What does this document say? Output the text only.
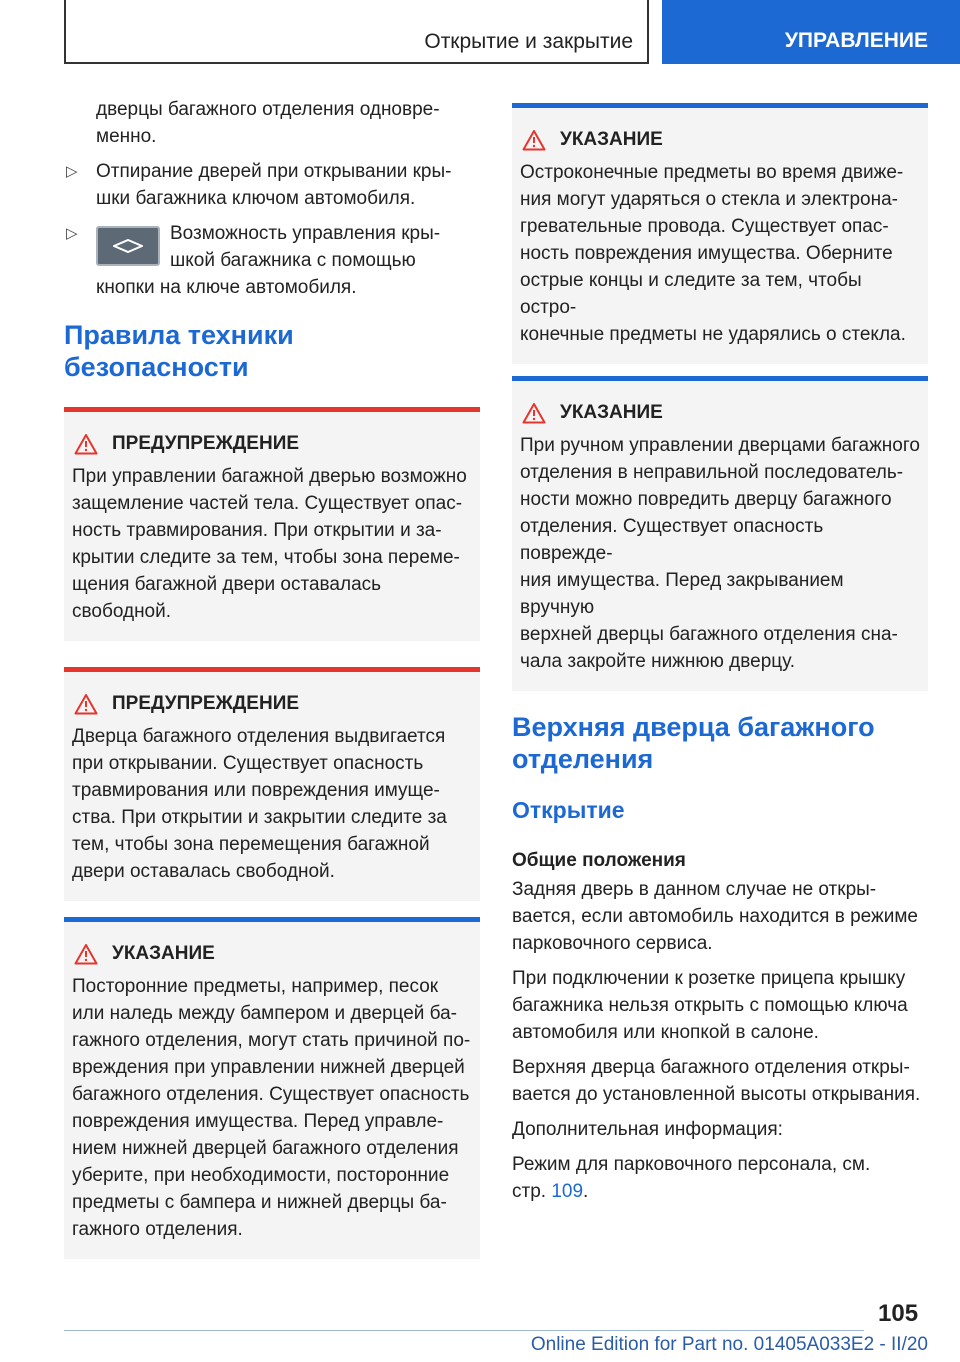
Открытие и закрытие	УПРАВЛЕНИЕ
дверцы багажного отделения одновре-
менно.
▷ Отпирание дверей при открывании кры-
шки багажника ключом автомобиля.
▷	Возможность управления кры-
шкой багажника с помощью
кнопки на ключе автомобиля.
Правила техники безопасности
ПРЕДУПРЕЖДЕНИЕ
При управлении багажной дверью возможно
защемление частей тела. Существует опас-
ность травмирования. При открытии и за-
крытии следите за тем, чтобы зона переме-
щения багажной двери оставалась
свободной.
ПРЕДУПРЕЖДЕНИЕ
Дверца багажного отделения выдвигается
при открывании. Существует опасность
травмирования или повреждения имуще-
ства. При открытии и закрытии следите за
тем, чтобы зона перемещения багажной
двери оставалась свободной.
УКАЗАНИЕ
Посторонние предметы, например, песок
или наледь между бампером и дверцей ба-
гажного отделения, могут стать причиной по-
вреждения при управлении нижней дверцей
багажного отделения. Существует опасность
повреждения имущества. Перед управле-
нием нижней дверцей багажного отделения
уберите, при необходимости, посторонние
предметы с бампера и нижней дверцы ба-
гажного отделения.
УКАЗАНИЕ
Остроконечные предметы во время движе-
ния могут ударяться о стекла и электрона-
гревательные провода. Существует опас-
ность повреждения имущества. Оберните
острые концы и следите за тем, чтобы остро-
конечные предметы не ударялись о стекла.
УКАЗАНИЕ
При ручном управлении дверцами багажного
отделения в неправильной последователь-
ности можно повредить дверцу багажного
отделения. Существует опасность поврежде-
ния имущества. Перед закрыванием вручную
верхней дверцы багажного отделения сна-
чала закройте нижнюю дверцу.
Верхняя дверца багажного
отделения
Открытие
Общие положения
Задняя дверь в данном случае не откры-
вается, если автомобиль находится в режиме
парковочного сервиса.
При подключении к розетке прицепа крышку
багажника нельзя открыть с помощью ключа
автомобиля или кнопкой в салоне.
Верхняя дверца багажного отделения откры-
вается до установленной высоты открывания.
Дополнительная информация:
Режим для парковочного персонала, см.
стр. 109.
105
Online Edition for Part no. 01405A033E2 - II/20
